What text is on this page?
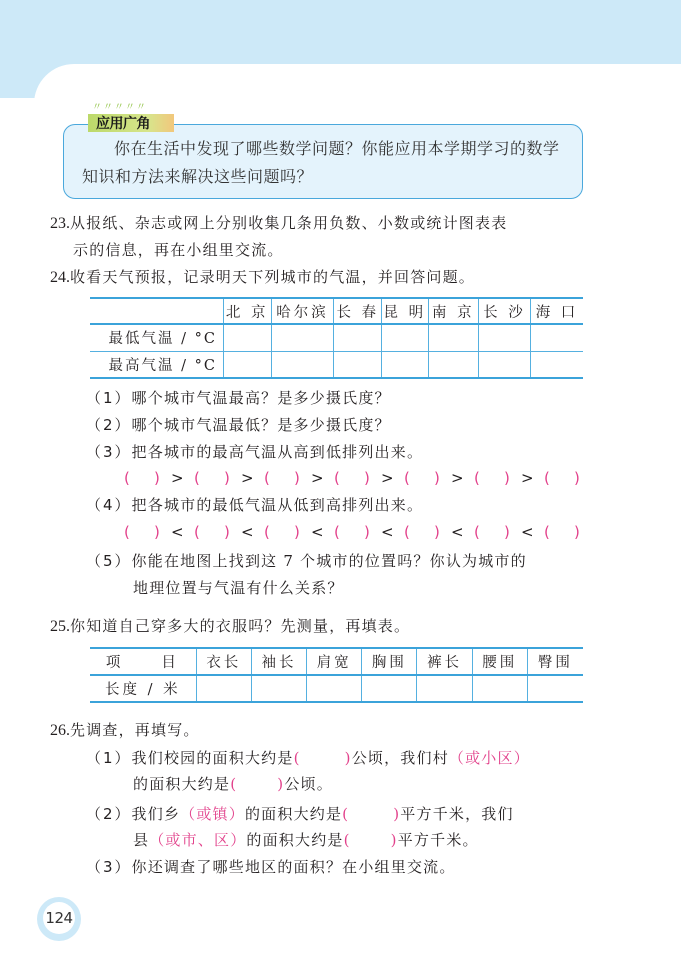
你在生活中发现了哪些数学问题？你能应用本学期学习的数学知识和方法来解决这些问题吗？
〃〃〃〃〃
应用广角
23.从报纸、杂志或网上分别收集几条用负数、小数或统计图表表
示的信息，再在小组里交流。
24.收看天气预报，记录明天下列城市的气温，并回答问题。
	北 京	哈尔滨	长 春	昆 明	南 京	长 沙	海 口
最低气温 / °C							
最高气温 / °C							
（1）哪个城市气温最高？是多少摄氏度？
（2）哪个城市气温最低？是多少摄氏度？
（3）把各城市的最高气温从高到低排列出来。
( ) > ( ) > ( ) > ( ) > ( ) > ( ) > ( )
（4）把各城市的最低气温从低到高排列出来。
( ) < ( ) < ( ) < ( ) < ( ) < ( ) < ( )
（5）你能在地图上找到这 7 个城市的位置吗？你认为城市的
地理位置与气温有什么关系？
25.你知道自己穿多大的衣服吗？先测量，再填表。
项　　目	衣长	袖长	肩宽	胸围	裤长	腰围	臀围
长度 / 米							
26.先调查，再填写。
（1）我们校园的面积大约是(	)公顷，我们村（或小区）
的面积大约是(	)公顷。
（2）我们乡（或镇）的面积大约是(	)平方千米，我们
县（或市、区）的面积大约是(	)平方千米。
（3）你还调查了哪些地区的面积？在小组里交流。
124
